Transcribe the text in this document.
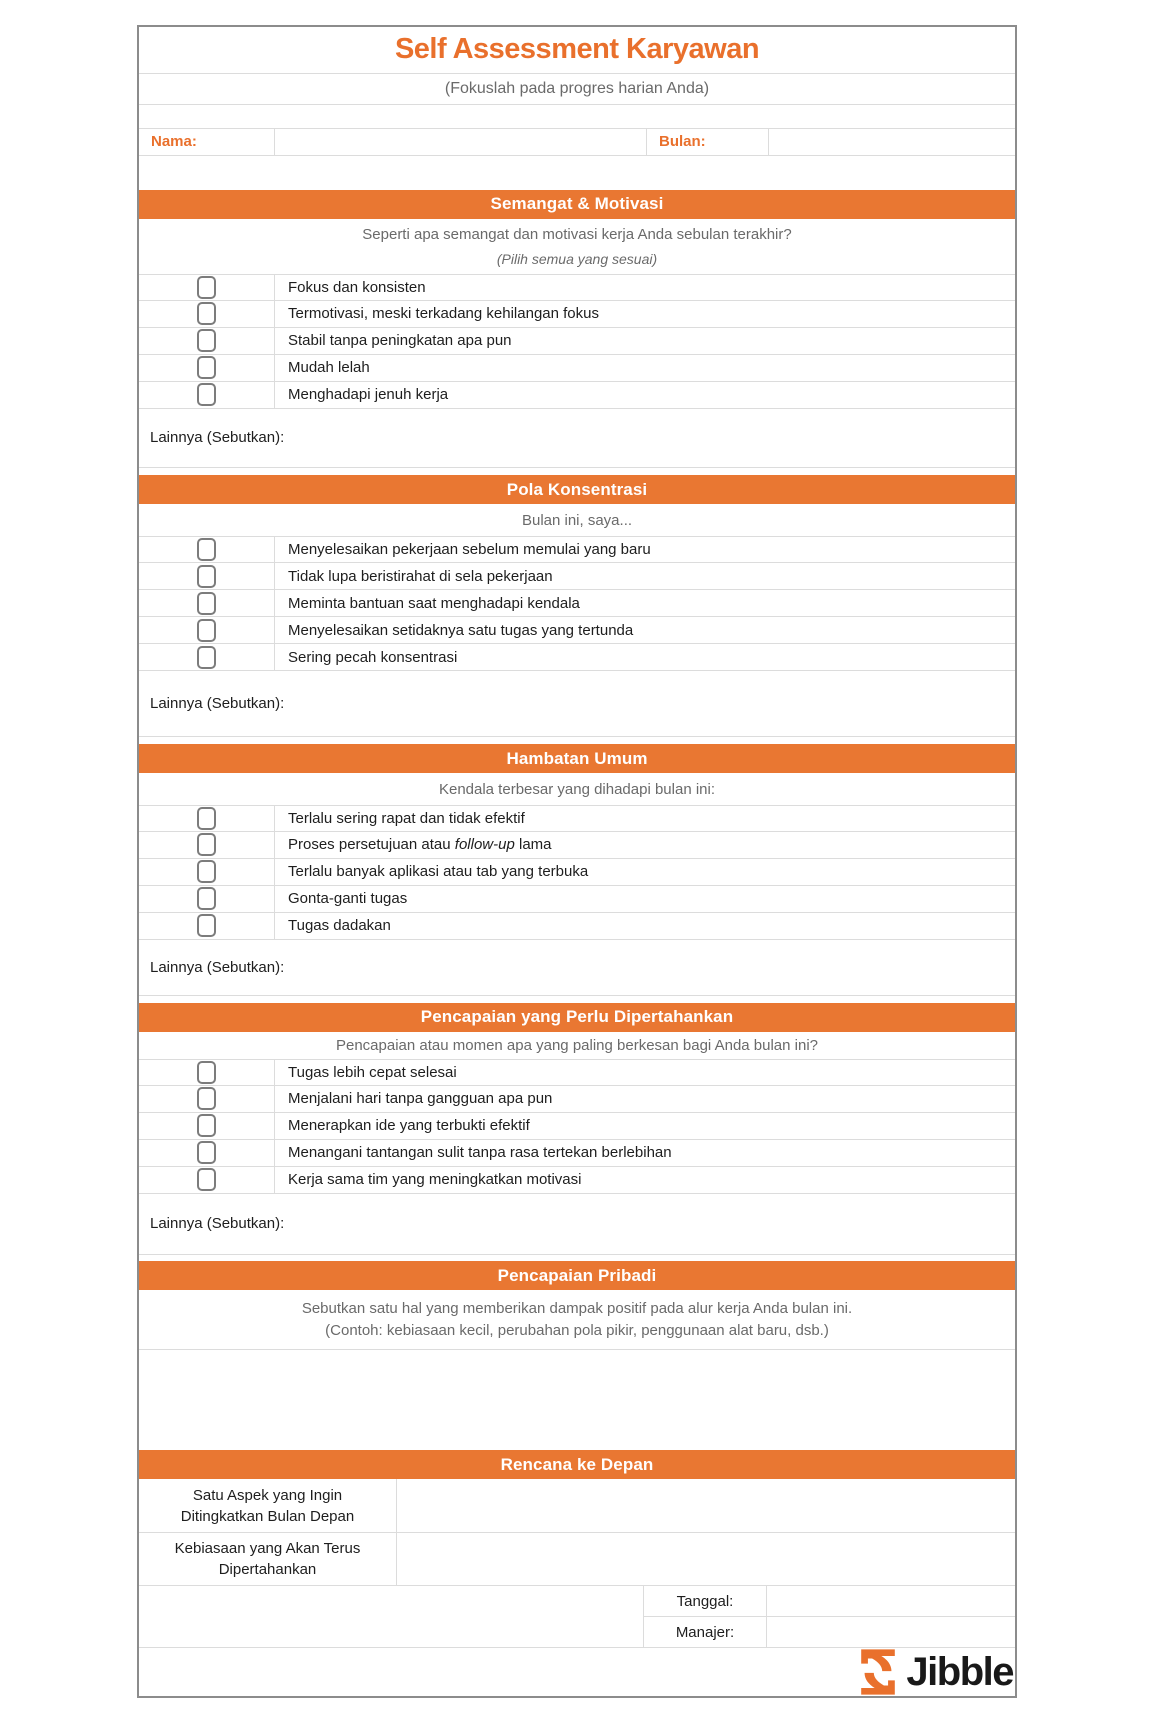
Self Assessment Karyawan
(Fokuslah pada progres harian Anda)
Nama:	Bulan:
Semangat & Motivasi
Seperti apa semangat dan motivasi kerja Anda sebulan terakhir?
(Pilih semua yang sesuai)
Fokus dan konsisten
Termotivasi, meski terkadang kehilangan fokus
Stabil tanpa peningkatan apa pun
Mudah lelah
Menghadapi jenuh kerja
Lainnya (Sebutkan):
Pola Konsentrasi
Bulan ini, saya...
Menyelesaikan pekerjaan sebelum memulai yang baru
Tidak lupa beristirahat di sela pekerjaan
Meminta bantuan saat menghadapi kendala
Menyelesaikan setidaknya satu tugas yang tertunda
Sering pecah konsentrasi
Lainnya (Sebutkan):
Hambatan Umum
Kendala terbesar yang dihadapi bulan ini:
Terlalu sering rapat dan tidak efektif
Proses persetujuan atau follow-up lama
Terlalu banyak aplikasi atau tab yang terbuka
Gonta-ganti tugas
Tugas dadakan
Lainnya (Sebutkan):
Pencapaian yang Perlu Dipertahankan
Pencapaian atau momen apa yang paling berkesan bagi Anda bulan ini?
Tugas lebih cepat selesai
Menjalani hari tanpa gangguan apa pun
Menerapkan ide yang terbukti efektif
Menangani tantangan sulit tanpa rasa tertekan berlebihan
Kerja sama tim yang meningkatkan motivasi
Lainnya (Sebutkan):
Pencapaian Pribadi
Sebutkan satu hal yang memberikan dampak positif pada alur kerja Anda bulan ini.
(Contoh: kebiasaan kecil, perubahan pola pikir, penggunaan alat baru, dsb.)
Rencana ke Depan
Satu Aspek yang Ingin Ditingkatkan Bulan Depan
Kebiasaan yang Akan Terus Dipertahankan
Tanggal:
Manajer:
Jibble
